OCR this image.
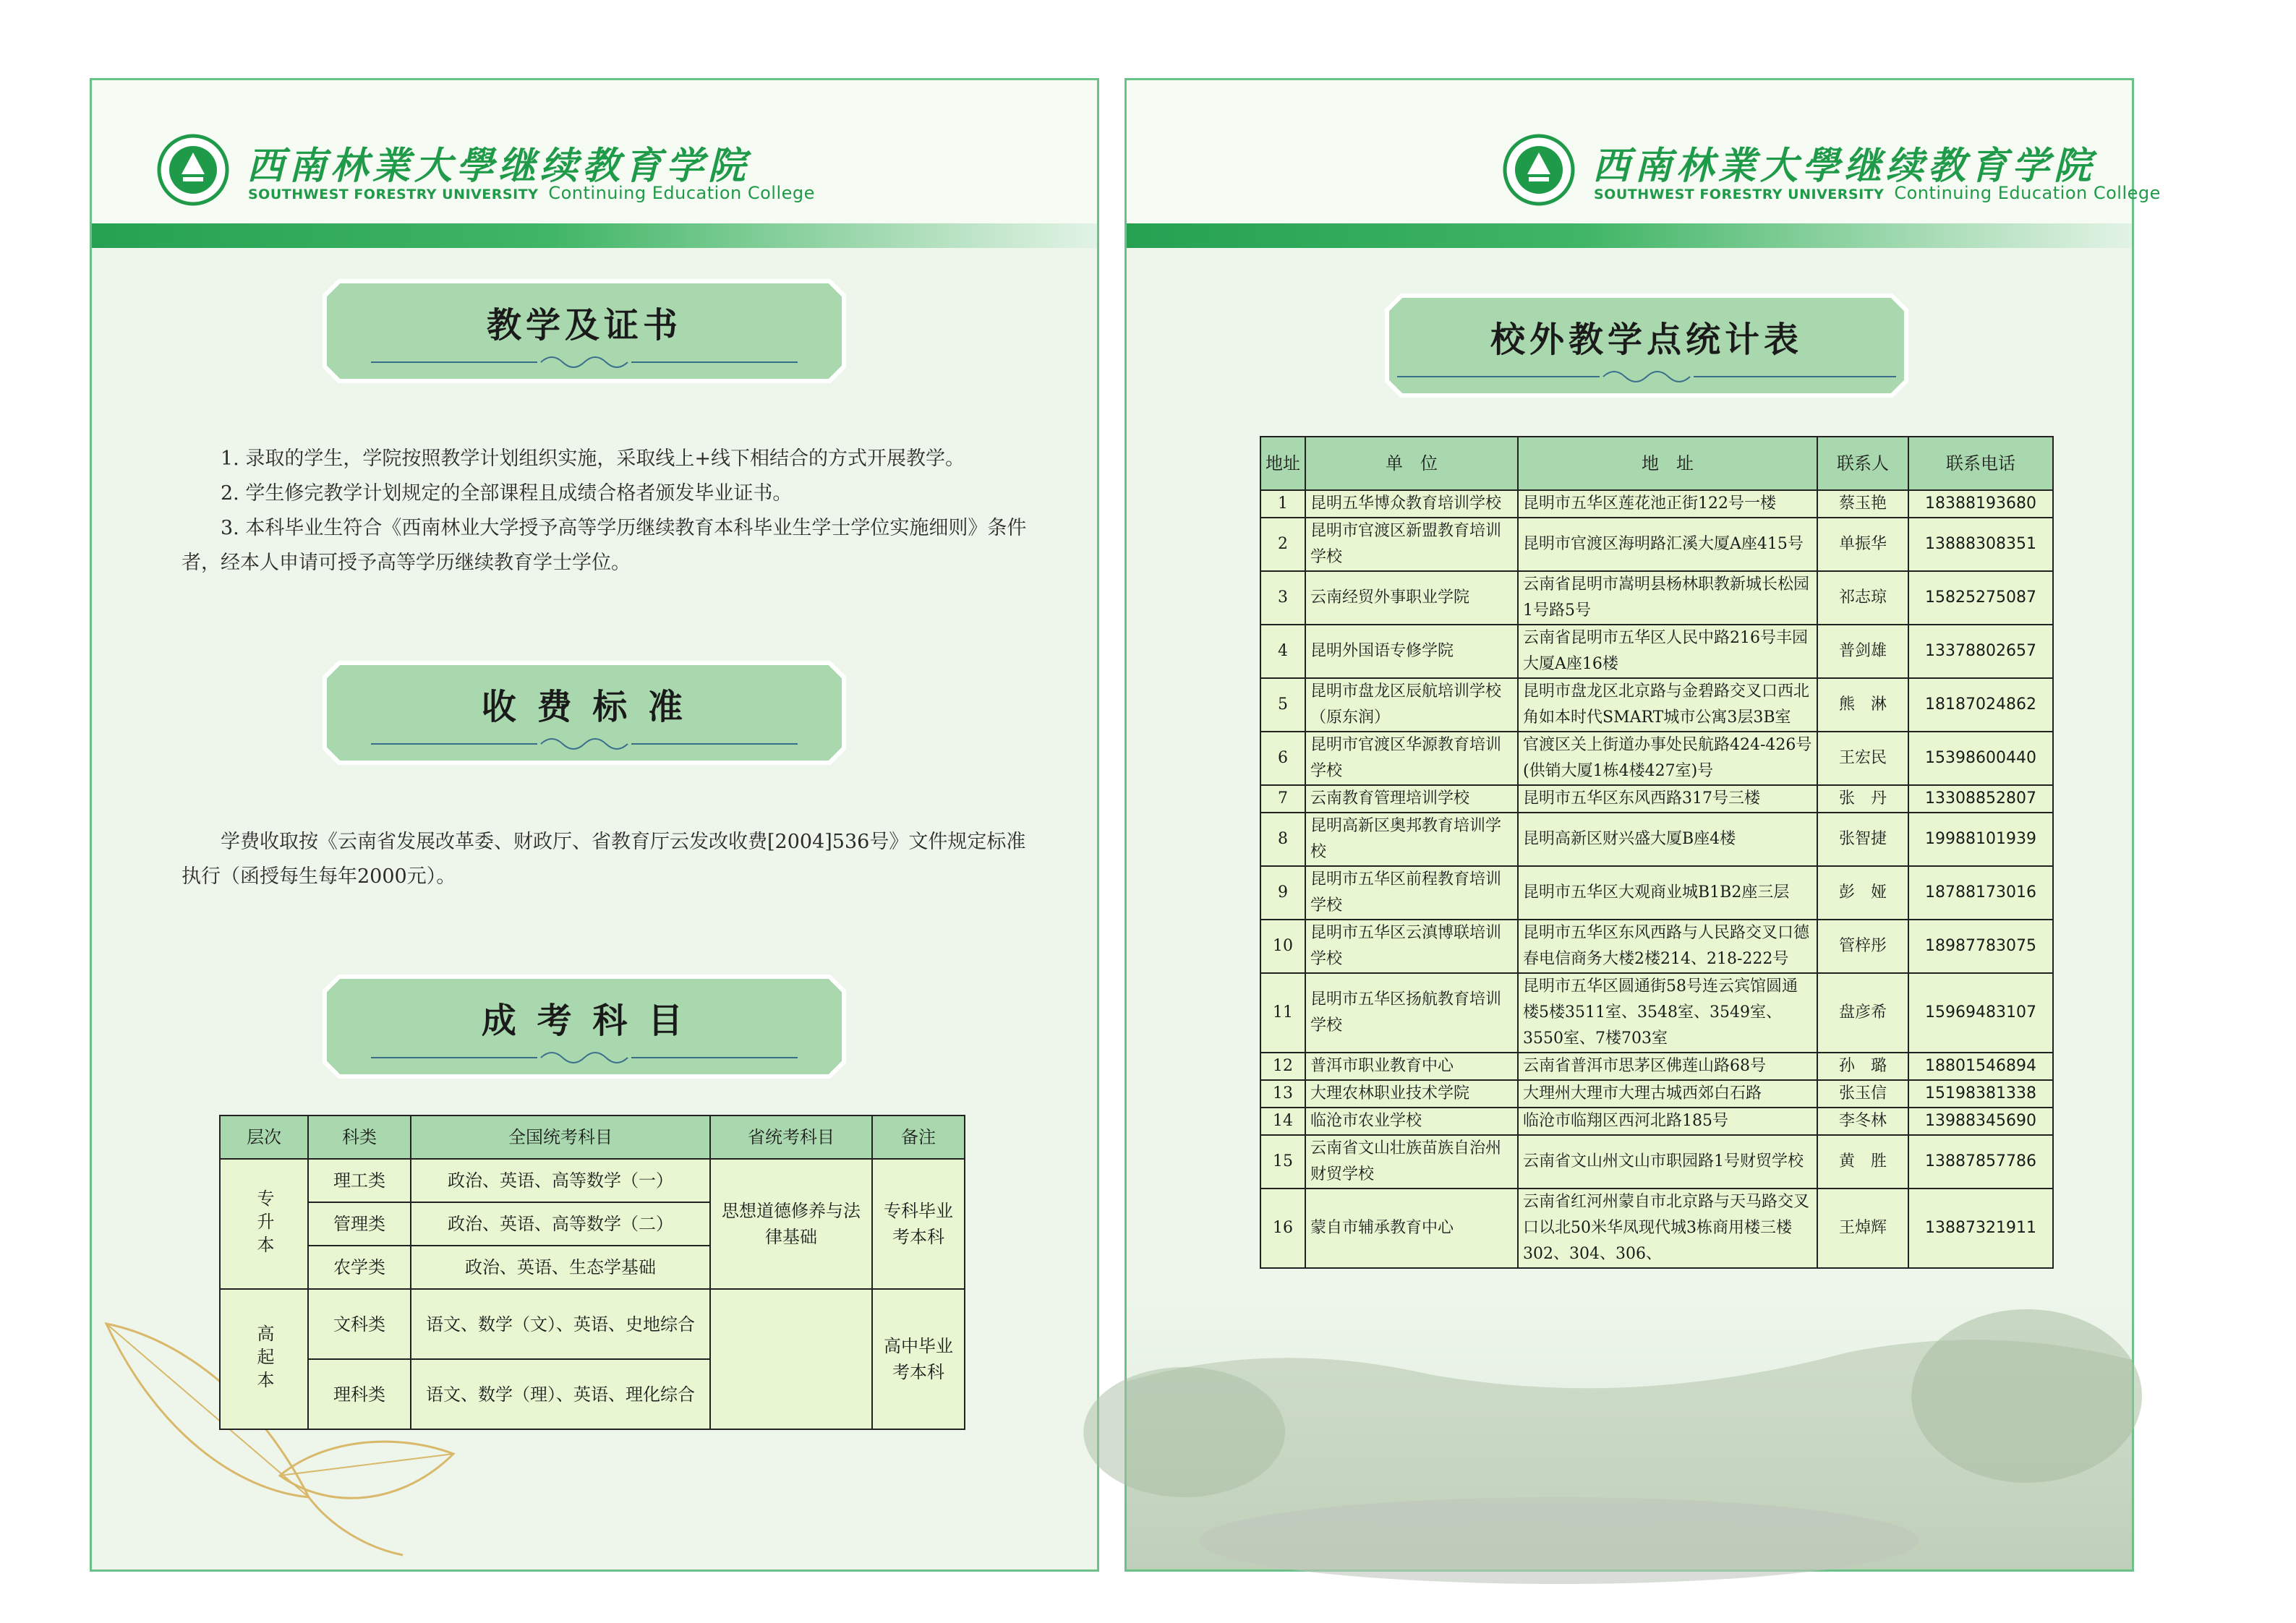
西南林業大學继续教育学院
SOUTHWEST FORESTRY UNIVERSITY Continuing Education College
教学及证书

1. 录取的学生，学院按照教学计划组织实施，采取线上+线下相结合的方式开展教学。

2. 学生修完教学计划规定的全部课程且成绩合格者颁发毕业证书。

3. 本科毕业生符合《西南林业大学授予高等学历继续教育本科毕业生学士学位实施细则》条件者，经本人申请可授予高等学历继续教育学士学位。

收 费 标 准

学费收取按《云南省发展改革委、财政厅、省教育厅云发改收费[2004]536号》文件规定标准执行（函授每生每年2000元）。

成 考 科 目
层次	科类	全国统考科目	省统考科目	备注
专升本	理工类	政治、英语、高等数学（一）	思想道德修养与法律基础	专科毕业考本科
	管理类	政治、英语、高等数学（二）		
	农学类	政治、英语、生态学基础		
高起本	文科类	语文、数学（文）、英语、史地综合		高中毕业考本科
	理科类	语文、数学（理）、英语、理化综合		
西南林業大學继续教育学院
SOUTHWEST FORESTRY UNIVERSITY Continuing Education College
校外教学点统计表
地址	单　位	地　址	联系人	联系电话
1	昆明五华博众教育培训学校	昆明市五华区莲花池正街122号一楼	蔡玉艳	18388193680
2	昆明市官渡区新盟教育培训学校	昆明市官渡区海明路汇溪大厦A座415号	单振华	13888308351
3	云南经贸外事职业学院	云南省昆明市嵩明县杨林职教新城长松园1号路5号	祁志琼	15825275087
4	昆明外国语专修学院	云南省昆明市五华区人民中路216号丰园大厦A座16楼	普剑雄	13378802657
5	昆明市盘龙区辰航培训学校（原东润）	昆明市盘龙区北京路与金碧路交叉口西北角如本时代SMART城市公寓3层3B室	熊　淋	18187024862
6	昆明市官渡区华源教育培训学校	官渡区关上街道办事处民航路424-426号(供销大厦1栋4楼427室)号	王宏民	15398600440
7	云南教育管理培训学校	昆明市五华区东风西路317号三楼	张　丹	13308852807
8	昆明高新区奥邦教育培训学校	昆明高新区财兴盛大厦B座4楼	张智捷	19988101939
9	昆明市五华区前程教育培训学校	昆明市五华区大观商业城B1B2座三层	彭　娅	18788173016
10	昆明市五华区云滇博联培训学校	昆明市五华区东风西路与人民路交叉口德春电信商务大楼2楼214、218-222号	管梓彤	18987783075
11	昆明市五华区扬航教育培训学校	昆明市五华区圆通街58号连云宾馆圆通楼5楼3511室、3548室、3549室、3550室、7楼703室	盘彦希	15969483107
12	普洱市职业教育中心	云南省普洱市思茅区佛莲山路68号	孙　璐	18801546894
13	大理农林职业技术学院	大理州大理市大理古城西郊白石路	张玉信	15198381338
14	临沧市农业学校	临沧市临翔区西河北路185号	李冬林	13988345690
15	云南省文山壮族苗族自治州财贸学校	云南省文山州文山市职园路1号财贸学校	黄　胜	13887857786
16	蒙自市辅承教育中心	云南省红河州蒙自市北京路与天马路交叉口以北50米华凤现代城3栋商用楼三楼302、304、306、	王焯辉	13887321911
